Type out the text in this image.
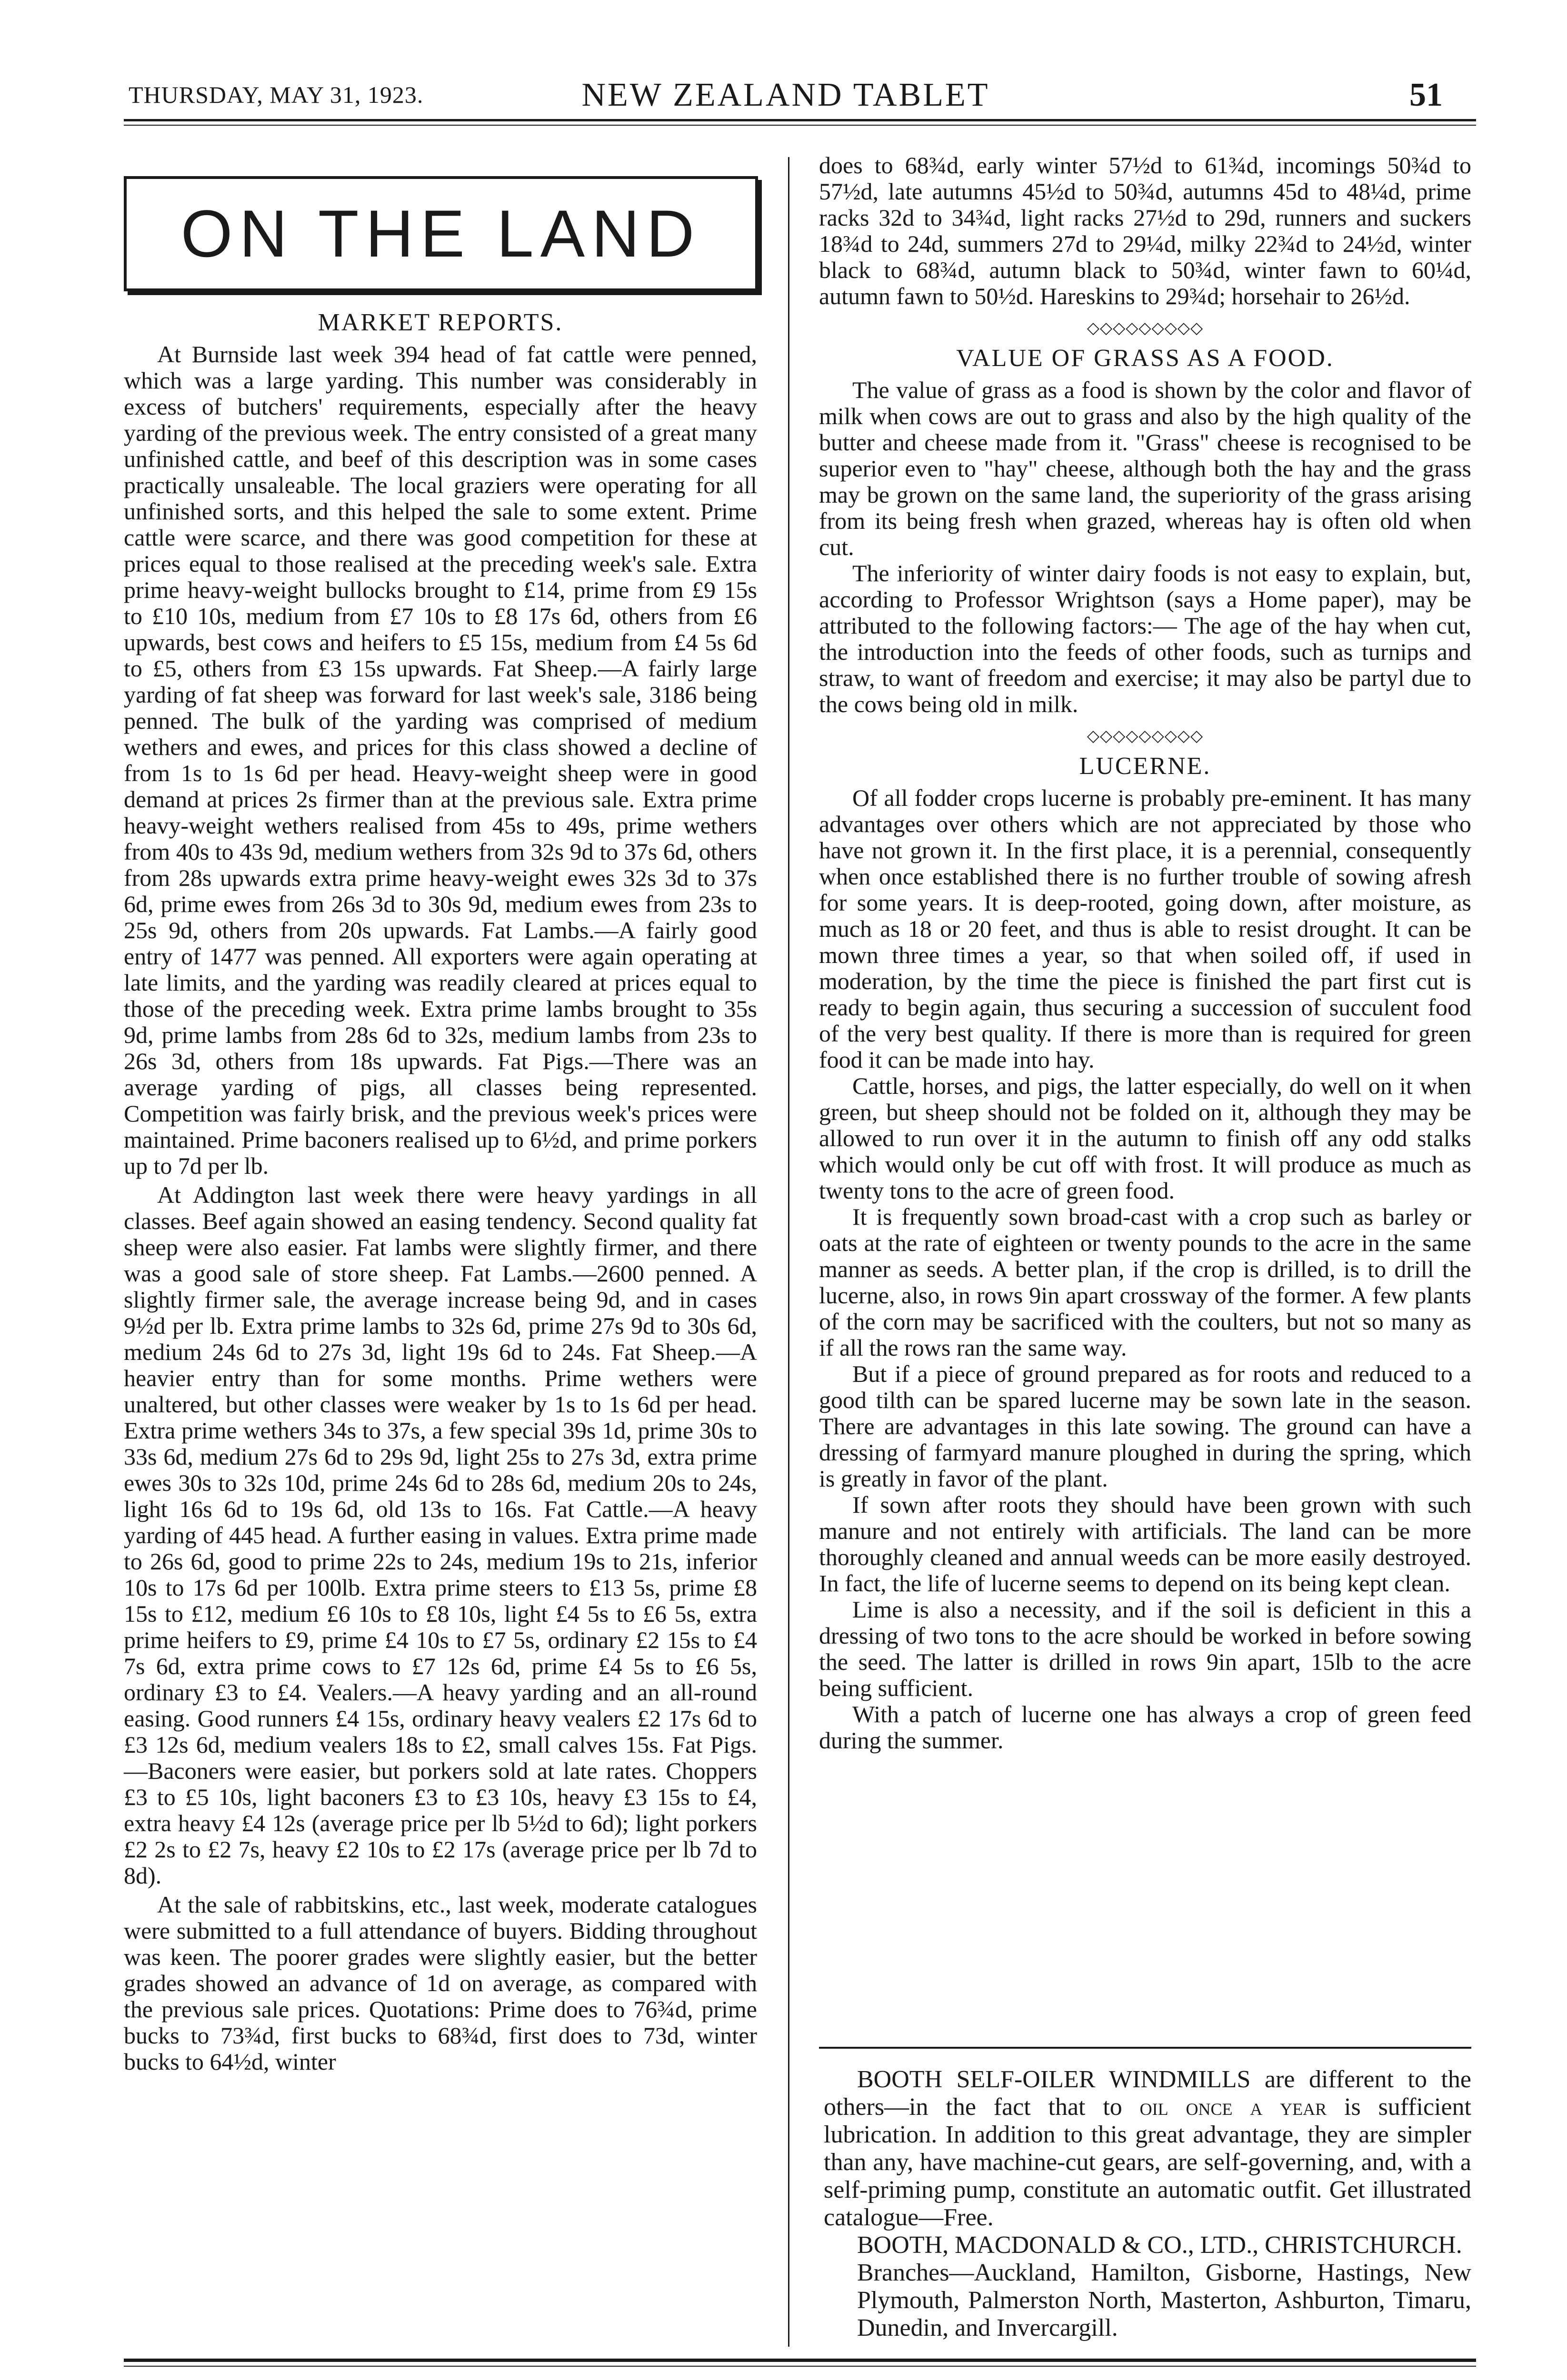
THURSDAY, MAY 31, 1923.	NEW ZEALAND TABLET	51
ON THE LAND
MARKET REPORTS.

At Burnside last week 394 head of fat cattle were penned, which was a large yarding. This number was considerably in excess of butchers' requirements, especially after the heavy yarding of the previous week. The entry consisted of a great many unfinished cattle, and beef of this description was in some cases practically unsaleable. The local graziers were operating for all unfinished sorts, and this helped the sale to some extent. Prime cattle were scarce, and there was good competition for these at prices equal to those realised at the preceding week's sale. Extra prime heavy-weight bullocks brought to £14, prime from £9 15s to £10 10s, medium from £7 10s to £8 17s 6d, others from £6 upwards, best cows and heifers to £5 15s, medium from £4 5s 6d to £5, others from £3 15s upwards. Fat Sheep.—A fairly large yarding of fat sheep was forward for last week's sale, 3186 being penned. The bulk of the yarding was comprised of medium wethers and ewes, and prices for this class showed a decline of from 1s to 1s 6d per head. Heavy-weight sheep were in good demand at prices 2s firmer than at the previous sale. Extra prime heavy-weight wethers realised from 45s to 49s, prime wethers from 40s to 43s 9d, medium wethers from 32s 9d to 37s 6d, others from 28s upwards extra prime heavy-weight ewes 32s 3d to 37s 6d, prime ewes from 26s 3d to 30s 9d, medium ewes from 23s to 25s 9d, others from 20s upwards. Fat Lambs.—A fairly good entry of 1477 was penned. All exporters were again operating at late limits, and the yarding was readily cleared at prices equal to those of the preceding week. Extra prime lambs brought to 35s 9d, prime lambs from 28s 6d to 32s, medium lambs from 23s to 26s 3d, others from 18s upwards. Fat Pigs.—There was an average yarding of pigs, all classes being represented. Competition was fairly brisk, and the previous week's prices were maintained. Prime baconers realised up to 6½d, and prime porkers up to 7d per lb.

At Addington last week there were heavy yardings in all classes. Beef again showed an easing tendency. Second quality fat sheep were also easier. Fat lambs were slightly firmer, and there was a good sale of store sheep. Fat Lambs.—2600 penned. A slightly firmer sale, the average increase being 9d, and in cases 9½d per lb. Extra prime lambs to 32s 6d, prime 27s 9d to 30s 6d, medium 24s 6d to 27s 3d, light 19s 6d to 24s. Fat Sheep.—A heavier entry than for some months. Prime wethers were unaltered, but other classes were weaker by 1s to 1s 6d per head. Extra prime wethers 34s to 37s, a few special 39s 1d, prime 30s to 33s 6d, medium 27s 6d to 29s 9d, light 25s to 27s 3d, extra prime ewes 30s to 32s 10d, prime 24s 6d to 28s 6d, medium 20s to 24s, light 16s 6d to 19s 6d, old 13s to 16s. Fat Cattle.—A heavy yarding of 445 head. A further easing in values. Extra prime made to 26s 6d, good to prime 22s to 24s, medium 19s to 21s, inferior 10s to 17s 6d per 100lb. Extra prime steers to £13 5s, prime £8 15s to £12, medium £6 10s to £8 10s, light £4 5s to £6 5s, extra prime heifers to £9, prime £4 10s to £7 5s, ordinary £2 15s to £4 7s 6d, extra prime cows to £7 12s 6d, prime £4 5s to £6 5s, ordinary £3 to £4. Vealers.—A heavy yarding and an all-round easing. Good runners £4 15s, ordinary heavy vealers £2 17s 6d to £3 12s 6d, medium vealers 18s to £2, small calves 15s. Fat Pigs.—Baconers were easier, but porkers sold at late rates. Choppers £3 to £5 10s, light baconers £3 to £3 10s, heavy £3 15s to £4, extra heavy £4 12s (average price per lb 5½d to 6d); light porkers £2 2s to £2 7s, heavy £2 10s to £2 17s (average price per lb 7d to 8d).

At the sale of rabbitskins, etc., last week, moderate catalogues were submitted to a full attendance of buyers. Bidding throughout was keen. The poorer grades were slightly easier, but the better grades showed an advance of 1d on average, as compared with the previous sale prices. Quotations: Prime does to 76¾d, prime bucks to 73¾d, first bucks to 68¾d, first does to 73d, winter bucks to 64½d, winter

does to 68¾d, early winter 57½d to 61¾d, incomings 50¾d to 57½d, late autumns 45½d to 50¾d, autumns 45d to 48¼d, prime racks 32d to 34¾d, light racks 27½d to 29d, runners and suckers 18¾d to 24d, summers 27d to 29¼d, milky 22¾d to 24½d, winter black to 68¾d, autumn black to 50¾d, winter fawn to 60¼d, autumn fawn to 50½d. Hareskins to 29¾d; horsehair to 26½d.

◇◇◇◇◇◇◇◇◇
VALUE OF GRASS AS A FOOD.

The value of grass as a food is shown by the color and flavor of milk when cows are out to grass and also by the high quality of the butter and cheese made from it. "Grass" cheese is recognised to be superior even to "hay" cheese, although both the hay and the grass may be grown on the same land, the superiority of the grass arising from its being fresh when grazed, whereas hay is often old when cut.

The inferiority of winter dairy foods is not easy to explain, but, according to Professor Wrightson (says a Home paper), may be attributed to the following factors:— The age of the hay when cut, the introduction into the feeds of other foods, such as turnips and straw, to want of freedom and exercise; it may also be partyl due to the cows being old in milk.

◇◇◇◇◇◇◇◇◇
LUCERNE.

Of all fodder crops lucerne is probably pre-eminent. It has many advantages over others which are not appreciated by those who have not grown it. In the first place, it is a perennial, consequently when once established there is no further trouble of sowing afresh for some years. It is deep-rooted, going down, after moisture, as much as 18 or 20 feet, and thus is able to resist drought. It can be mown three times a year, so that when soiled off, if used in moderation, by the time the piece is finished the part first cut is ready to begin again, thus securing a succession of succulent food of the very best quality. If there is more than is required for green food it can be made into hay.

Cattle, horses, and pigs, the latter especially, do well on it when green, but sheep should not be folded on it, although they may be allowed to run over it in the autumn to finish off any odd stalks which would only be cut off with frost. It will produce as much as twenty tons to the acre of green food.

It is frequently sown broad-cast with a crop such as barley or oats at the rate of eighteen or twenty pounds to the acre in the same manner as seeds. A better plan, if the crop is drilled, is to drill the lucerne, also, in rows 9in apart crossway of the former. A few plants of the corn may be sacrificed with the coulters, but not so many as if all the rows ran the same way.

But if a piece of ground prepared as for roots and reduced to a good tilth can be spared lucerne may be sown late in the season. There are advantages in this late sowing. The ground can have a dressing of farmyard manure ploughed in during the spring, which is greatly in favor of the plant.

If sown after roots they should have been grown with such manure and not entirely with artificials. The land can be more thoroughly cleaned and annual weeds can be more easily destroyed. In fact, the life of lucerne seems to depend on its being kept clean.

Lime is also a necessity, and if the soil is deficient in this a dressing of two tons to the acre should be worked in before sowing the seed. The latter is drilled in rows 9in apart, 15lb to the acre being sufficient.

With a patch of lucerne one has always a crop of green feed during the summer.

BOOTH SELF-OILER WINDMILLS are different to the others—in the fact that to oil once a year is sufficient lubrication. In addition to this great advantage, they are simpler than any, have machine-cut gears, are self-governing, and, with a self-priming pump, constitute an automatic outfit. Get illustrated catalogue—Free.

BOOTH, MACDONALD & CO., LTD., CHRISTCHURCH.

Branches—Auckland, Hamilton, Gisborne, Hastings, New Plymouth, Palmerston North, Masterton, Ashburton, Timaru, Dunedin, and Invercargill.
